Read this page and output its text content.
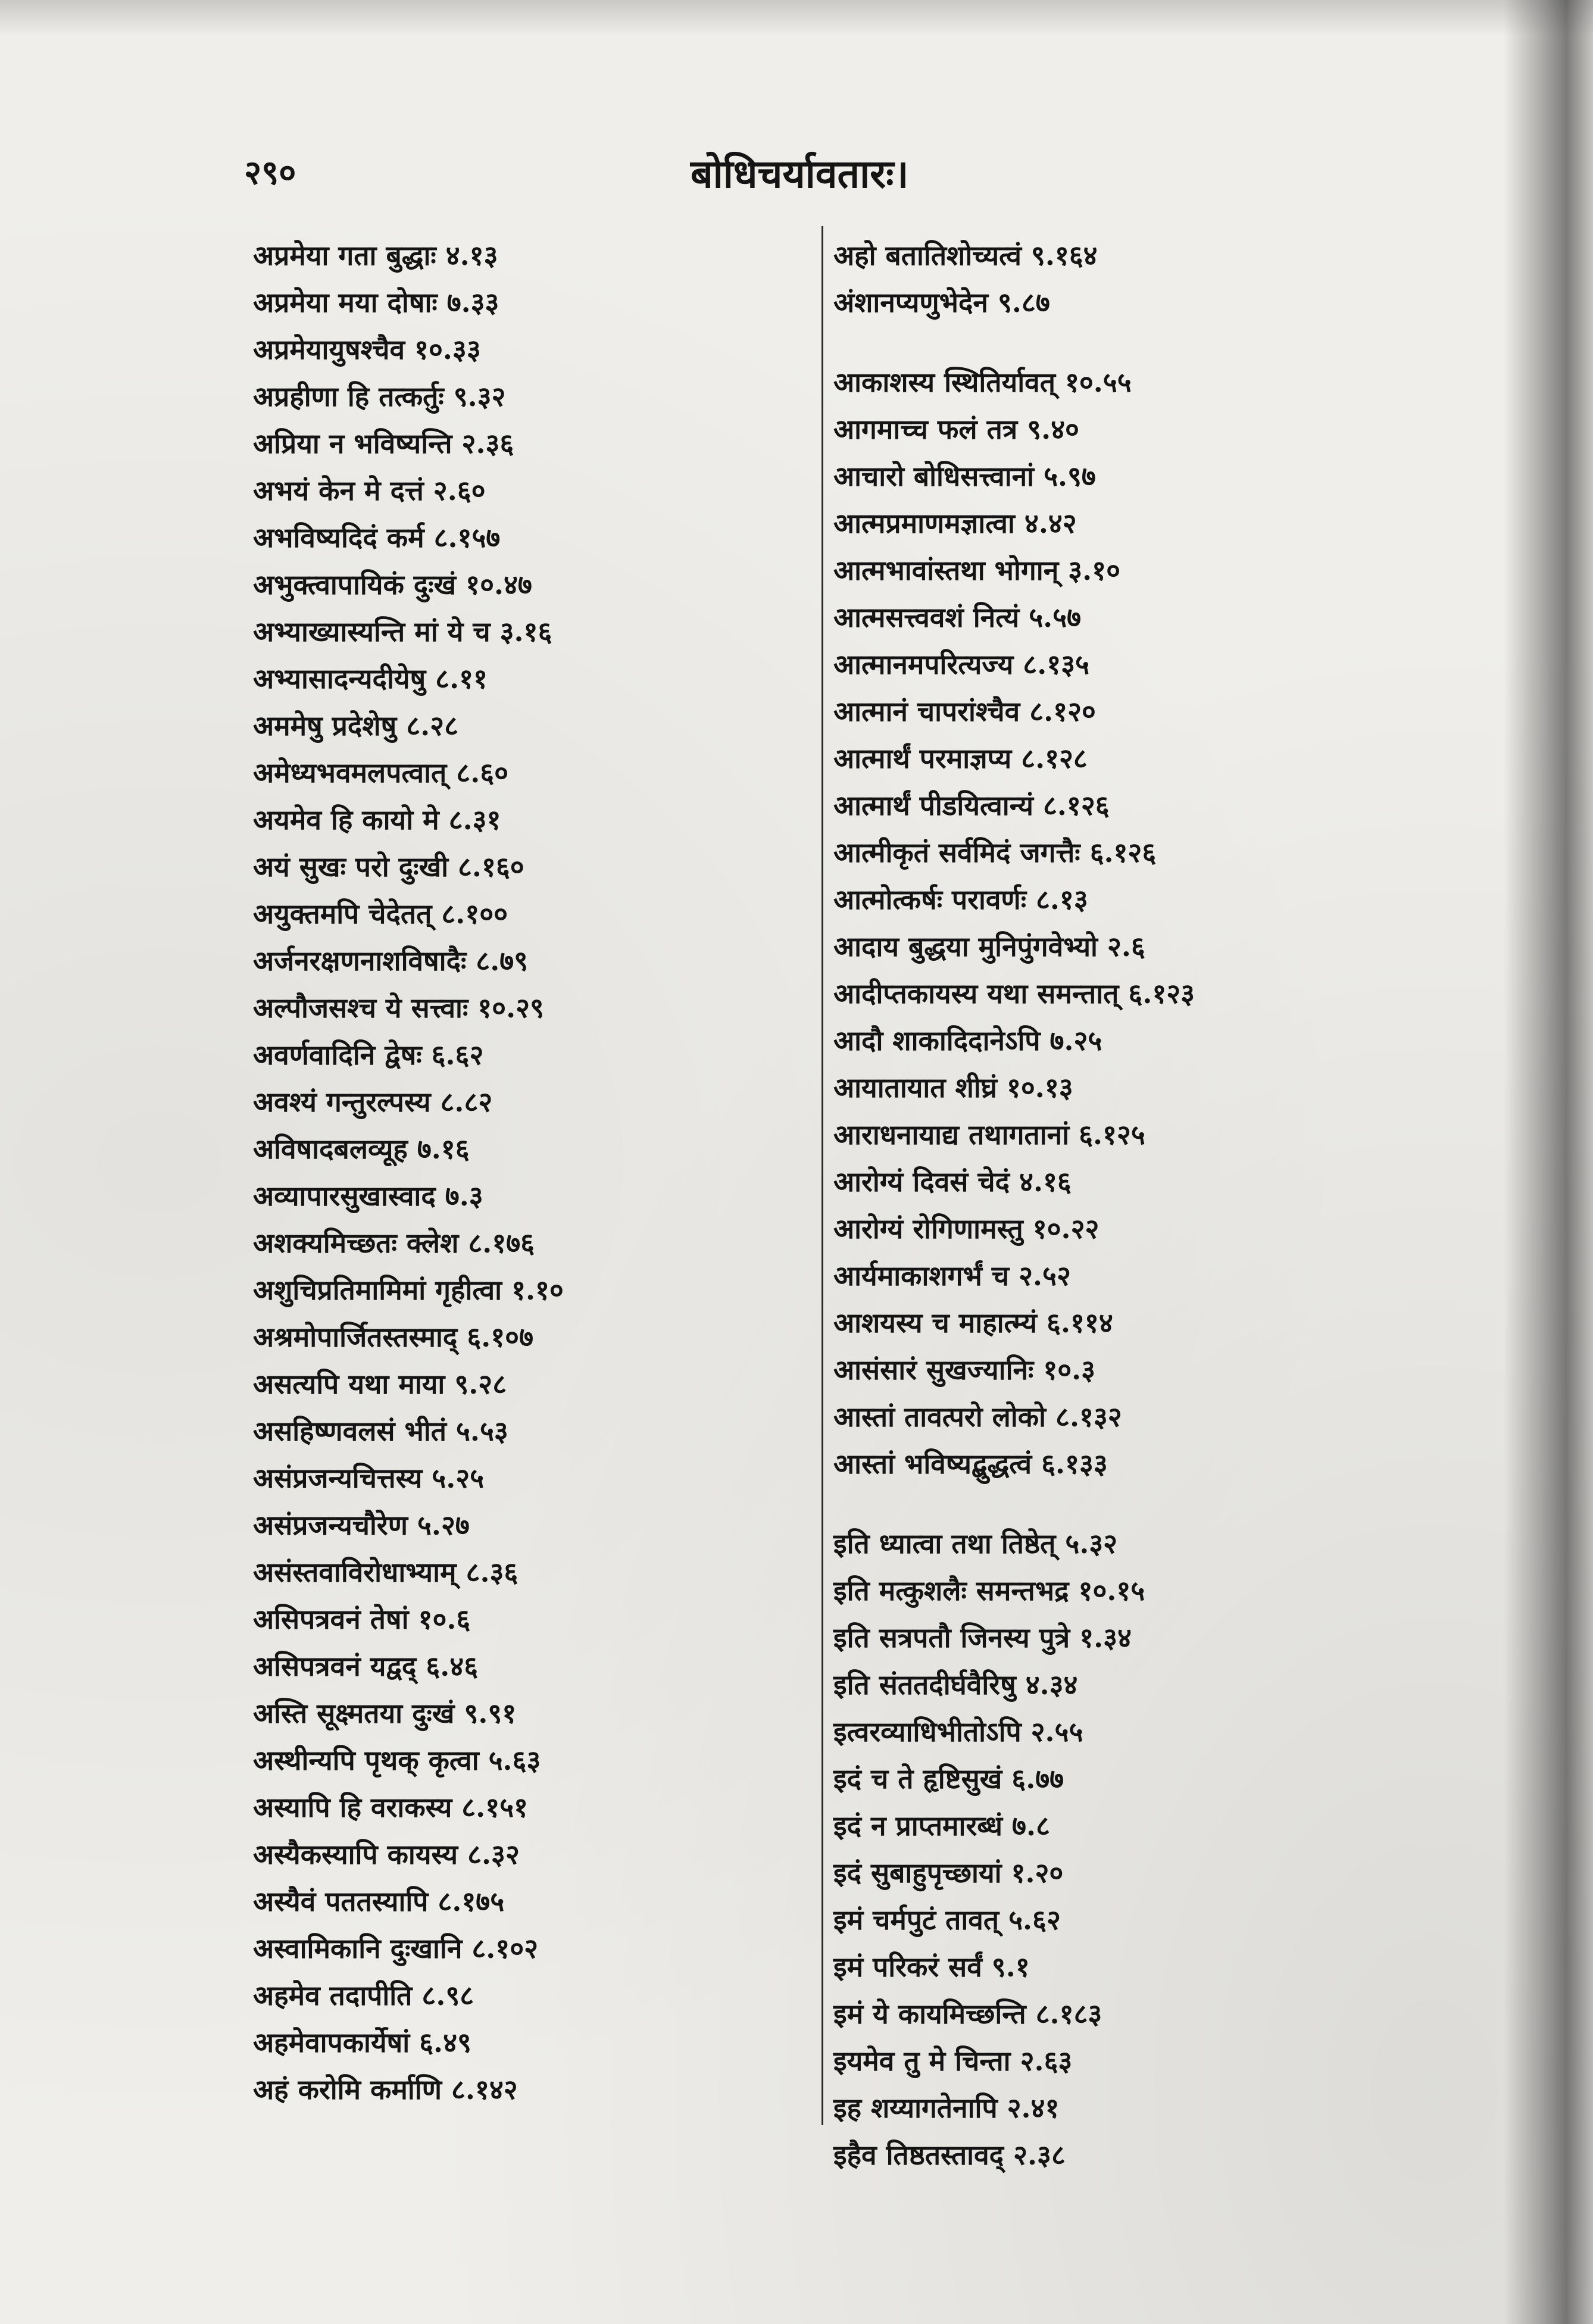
२९०	बोधिचर्यावतारः।
अप्रमेया गता बुद्धाः ४.१३
अप्रमेया मया दोषाः ७.३३
अप्रमेयायुषश्चैव १०.३३
अप्रहीणा हि तत्कर्तुः ९.३२
अप्रिया न भविष्यन्ति २.३६
अभयं केन मे दत्तं २.६०
अभविष्यदिदं कर्म ८.१५७
अभुक्त्वापायिकं दुःखं १०.४७
अभ्याख्यास्यन्ति मां ये च ३.१६
अभ्यासादन्यदीयेषु ८.११
अममेषु प्रदेशेषु ८.२८
अमेध्यभवमलपत्वात् ८.६०
अयमेव हि कायो मे ८.३१
अयं सुखः परो दुःखी ८.१६०
अयुक्तमपि चेदेतत् ८.१००
अर्जनरक्षणनाशविषादैः ८.७९
अल्पौजसश्च ये सत्त्वाः १०.२९
अवर्णवादिनि द्वेषः ६.६२
अवश्यं गन्तुरल्पस्य ८.८२
अविषादबलव्यूह ७.१६
अव्यापारसुखास्वाद ७.३
अशक्यमिच्छतः क्लेश ८.१७६
अशुचिप्रतिमामिमां गृहीत्वा १.१०
अश्रमोपार्जितस्तस्माद् ६.१०७
असत्यपि यथा माया ९.२८
असहिष्णवलसं भीतं ५.५३
असंप्रजन्यचित्तस्य ५.२५
असंप्रजन्यचौरेण ५.२७
असंस्तवाविरोधाभ्याम् ८.३६
असिपत्रवनं तेषां १०.६
असिपत्रवनं यद्वद् ६.४६
अस्ति सूक्ष्मतया दुःखं ९.९१
अस्थीन्यपि पृथक् कृत्वा ५.६३
अस्यापि हि वराकस्य ८.१५१
अस्यैकस्यापि कायस्य ८.३२
अस्यैवं पततस्यापि ८.१७५
अस्वामिकानि दुःखानि ८.१०२
अहमेव तदापीति ८.९८
अहमेवापकार्येषां ६.४९
अहं करोमि कर्माणि ८.१४२
अहो बतातिशोच्यत्वं ९.१६४
अंशानप्यणुभेदेन ९.८७
आकाशस्य स्थितिर्यावत् १०.५५
आगमाच्च फलं तत्र ९.४०
आचारो बोधिसत्त्वानां ५.९७
आत्मप्रमाणमज्ञात्वा ४.४२
आत्मभावांस्तथा भोगान् ३.१०
आत्मसत्त्ववशं नित्यं ५.५७
आत्मानमपरित्यज्य ८.१३५
आत्मानं चापरांश्चैव ८.१२०
आत्मार्थं परमाज्ञप्य ८.१२८
आत्मार्थं पीडयित्वान्यं ८.१२६
आत्मीकृतं सर्वमिदं जगत्तैः ६.१२६
आत्मोत्कर्षः परावर्णः ८.१३
आदाय बुद्धया मुनिपुंगवेभ्यो २.६
आदीप्तकायस्य यथा समन्तात् ६.१२३
आदौ शाकादिदानेऽपि ७.२५
आयातायात शीघ्रं १०.१३
आराधनायाद्य तथागतानां ६.१२५
आरोग्यं दिवसं चेदं ४.१६
आरोग्यं रोगिणामस्तु १०.२२
आर्यमाकाशगर्भं च २.५२
आशयस्य च माहात्म्यं ६.११४
आसंसारं सुखज्यानिः १०.३
आस्तां तावत्परो लोको ८.१३२
आस्तां भविष्यद्बुद्धत्वं ६.१३३
इति ध्यात्वा तथा तिष्ठेत् ५.३२
इति मत्कुशलैः समन्तभद्र १०.१५
इति सत्रपतौ जिनस्य पुत्रे १.३४
इति संततदीर्घवैरिषु ४.३४
इत्वरव्याधिभीतोऽपि २.५५
इदं च ते हृष्टिसुखं ६.७७
इदं न प्राप्तमारब्धं ७.८
इदं सुबाहुपृच्छायां १.२०
इमं चर्मपुटं तावत् ५.६२
इमं परिकरं सर्वं ९.१
इमं ये कायमिच्छन्ति ८.१८३
इयमेव तु मे चिन्ता २.६३
इह शय्यागतेनापि २.४१
इहैव तिष्ठतस्तावद् २.३८
